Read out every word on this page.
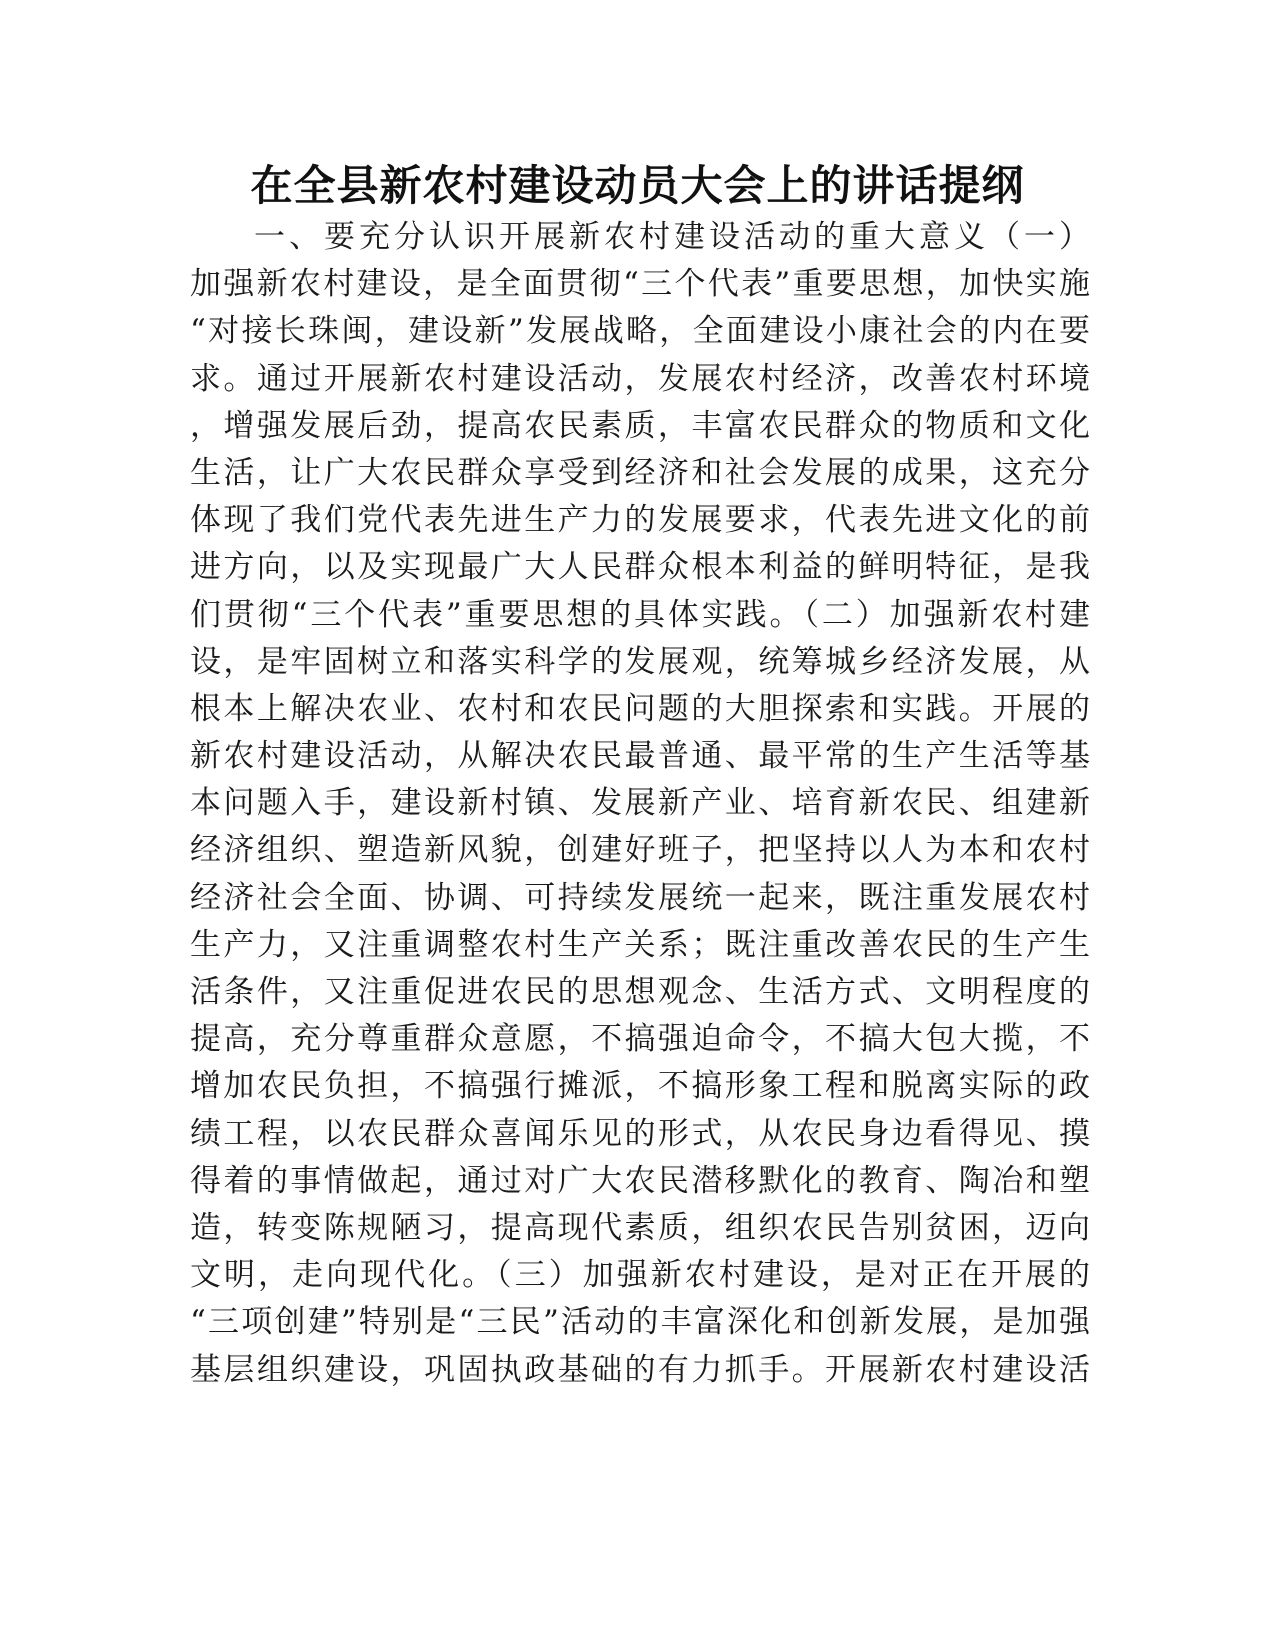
在全县新农村建设动员大会上的讲话提纲
一、要充分认识开展新农村建设活动的重大意义（一）
加强新农村建设，是全面贯彻“三个代表”重要思想，加快实施
“对接长珠闽，建设新”发展战略，全面建设小康社会的内在要
求。通过开展新农村建设活动，发展农村经济，改善农村环境
，增强发展后劲，提高农民素质，丰富农民群众的物质和文化
生活，让广大农民群众享受到经济和社会发展的成果，这充分
体现了我们党代表先进生产力的发展要求，代表先进文化的前
进方向，以及实现最广大人民群众根本利益的鲜明特征，是我
们贯彻“三个代表”重要思想的具体实践。（二）加强新农村建
设，是牢固树立和落实科学的发展观，统筹城乡经济发展，从
根本上解决农业、农村和农民问题的大胆探索和实践。开展的
新农村建设活动，从解决农民最普通、最平常的生产生活等基
本问题入手，建设新村镇、发展新产业、培育新农民、组建新
经济组织、塑造新风貌，创建好班子，把坚持以人为本和农村
经济社会全面、协调、可持续发展统一起来，既注重发展农村
生产力，又注重调整农村生产关系；既注重改善农民的生产生
活条件，又注重促进农民的思想观念、生活方式、文明程度的
提高，充分尊重群众意愿，不搞强迫命令，不搞大包大揽，不
增加农民负担，不搞强行摊派，不搞形象工程和脱离实际的政
绩工程，以农民群众喜闻乐见的形式，从农民身边看得见、摸
得着的事情做起，通过对广大农民潜移默化的教育、陶冶和塑
造，转变陈规陋习，提高现代素质，组织农民告别贫困，迈向
文明，走向现代化。（三）加强新农村建设，是对正在开展的
“三项创建”特别是“三民”活动的丰富深化和创新发展，是加强
基层组织建设，巩固执政基础的有力抓手。开展新农村建设活
